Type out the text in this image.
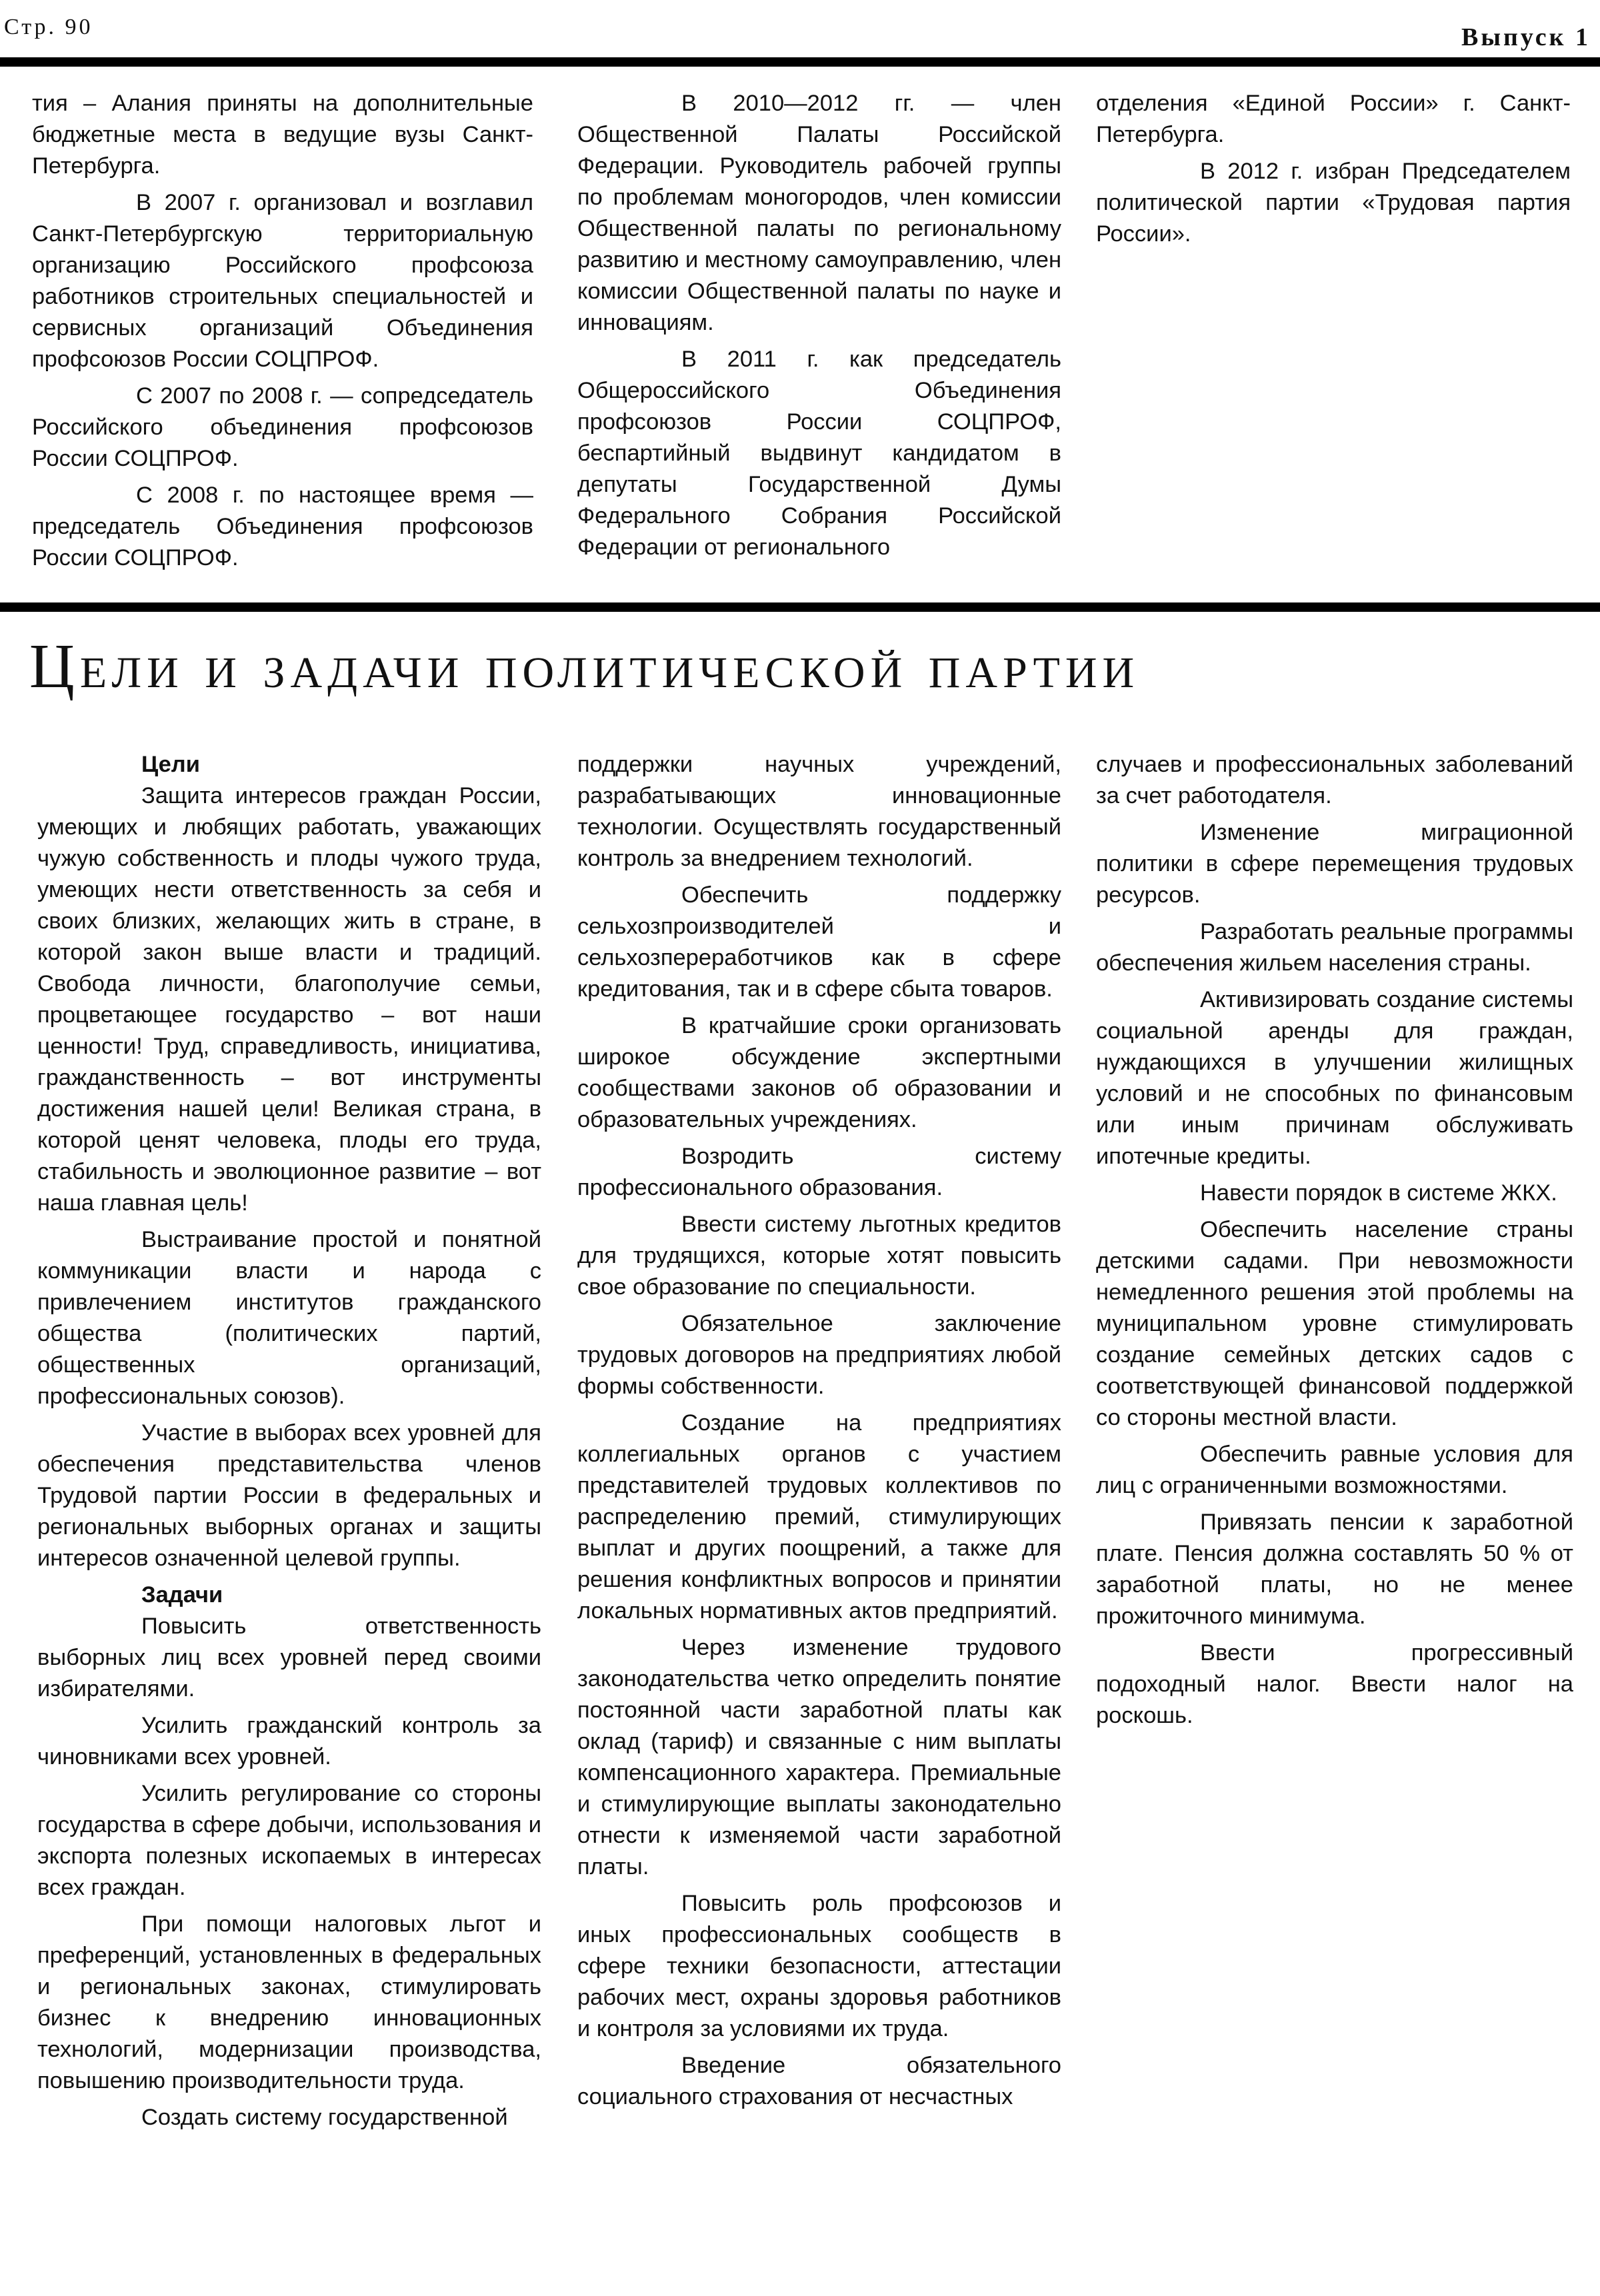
Стр. 90	Выпуск 1

тия – Алания приняты на дополнительные бюджетные места в ведущие вузы Санкт-Петербурга.

В 2007 г. организовал и возглавил Санкт-Петербургскую территориальную организацию Российского профсоюза работников строительных специальностей и сервисных организаций Объединения профсоюзов России СОЦПРОФ.

С 2007 по 2008 г. — сопредседатель Российского объединения профсоюзов России СОЦПРОФ.

С 2008 г. по настоящее время — председатель Объединения профсоюзов России СОЦПРОФ.

В 2010—2012 гг. — член Общественной Палаты Российской Федерации. Руководитель рабочей группы по проблемам моногородов, член комиссии Общественной палаты по региональному развитию и местному самоуправлению, член комиссии Общественной палаты по науке и инновациям.

В 2011 г. как председатель Общероссийского Объединения профсоюзов России СОЦПРОФ, беспартийный выдвинут кандидатом в депутаты Государственной Думы Федерального Собрания Российской Федерации от регионального

отделения «Единой России» г. Санкт-Петербурга.

В 2012 г. избран Председателем политической партии «Трудовая партия России».

Цели и задачи политической партии

Цели

Защита интересов граждан России, умеющих и любящих работать, уважающих чужую собственность и плоды чужого труда, умеющих нести ответственность за себя и своих близких, желающих жить в стране, в которой закон выше власти и традиций. Свобода личности, благополучие семьи, процветающее государство – вот наши ценности! Труд, справедливость, инициатива, гражданственность – вот инструменты достижения нашей цели! Великая страна, в которой ценят человека, плоды его труда, стабильность и эволюционное развитие – вот наша главная цель!

Выстраивание простой и понятной коммуникации власти и народа с привлечением институтов гражданского общества (политических партий, общественных организаций, профессиональных союзов).

Участие в выборах всех уровней для обеспечения представительства членов Трудовой партии России в федеральных и региональных выборных органах и защиты интересов означенной целевой группы.

Задачи

Повысить ответственность выборных лиц всех уровней перед своими избирателями.

Усилить гражданский контроль за чиновниками всех уровней.

Усилить регулирование со стороны государства в сфере добычи, использования и экспорта полезных ископаемых в интересах всех граждан.

При помощи налоговых льгот и преференций, установленных в федеральных и региональных законах, стимулировать бизнес к внедрению инновационных технологий, модернизации производства, повышению производительности труда.

Создать систему государственной

поддержки научных учреждений, разрабатывающих инновационные технологии. Осуществлять государственный контроль за внедрением технологий.

Обеспечить поддержку сельхозпроизводителей и сельхозпереработчиков как в сфере кредитования, так и в сфере сбыта товаров.

В кратчайшие сроки организовать широкое обсуждение экспертными сообществами законов об образовании и образовательных учреждениях.

Возродить систему профессионального образования.

Ввести систему льготных кредитов для трудящихся, которые хотят повысить свое образование по специальности.

Обязательное заключение трудовых договоров на предприятиях любой формы собственности.

Создание на предприятиях коллегиальных органов с участием представителей трудовых коллективов по распределению премий, стимулирующих выплат и других поощрений, а также для решения конфликтных вопросов и принятии локальных нормативных актов предприятий.

Через изменение трудового законодательства четко определить понятие постоянной части заработной платы как оклад (тариф) и связанные с ним выплаты компенсационного характера. Премиальные и стимулирующие выплаты законодательно отнести к изменяемой части заработной платы.

Повысить роль профсоюзов и иных профессиональных сообществ в сфере техники безопасности, аттестации рабочих мест, охраны здоровья работников и контроля за условиями их труда.

Введение обязательного социального страхования от несчастных

случаев и профессиональных заболеваний за счет работодателя.

Изменение миграционной политики в сфере перемещения трудовых ресурсов.

Разработать реальные программы обеспечения жильем населения страны.

Активизировать создание системы социальной аренды для граждан, нуждающихся в улучшении жилищных условий и не способных по финансовым или иным причинам обслуживать ипотечные кредиты.

Навести порядок в системе ЖКХ.

Обеспечить население страны детскими садами. При невозможности немедленного решения этой проблемы на муниципальном уровне стимулировать создание семейных детских садов с соответствующей финансовой поддержкой со стороны местной власти.

Обеспечить равные условия для лиц с ограниченными возможностями.

Привязать пенсии к заработной плате. Пенсия должна составлять 50 % от заработной платы, но не менее прожиточного минимума.

Ввести прогрессивный подоходный налог. Ввести налог на роскошь.
